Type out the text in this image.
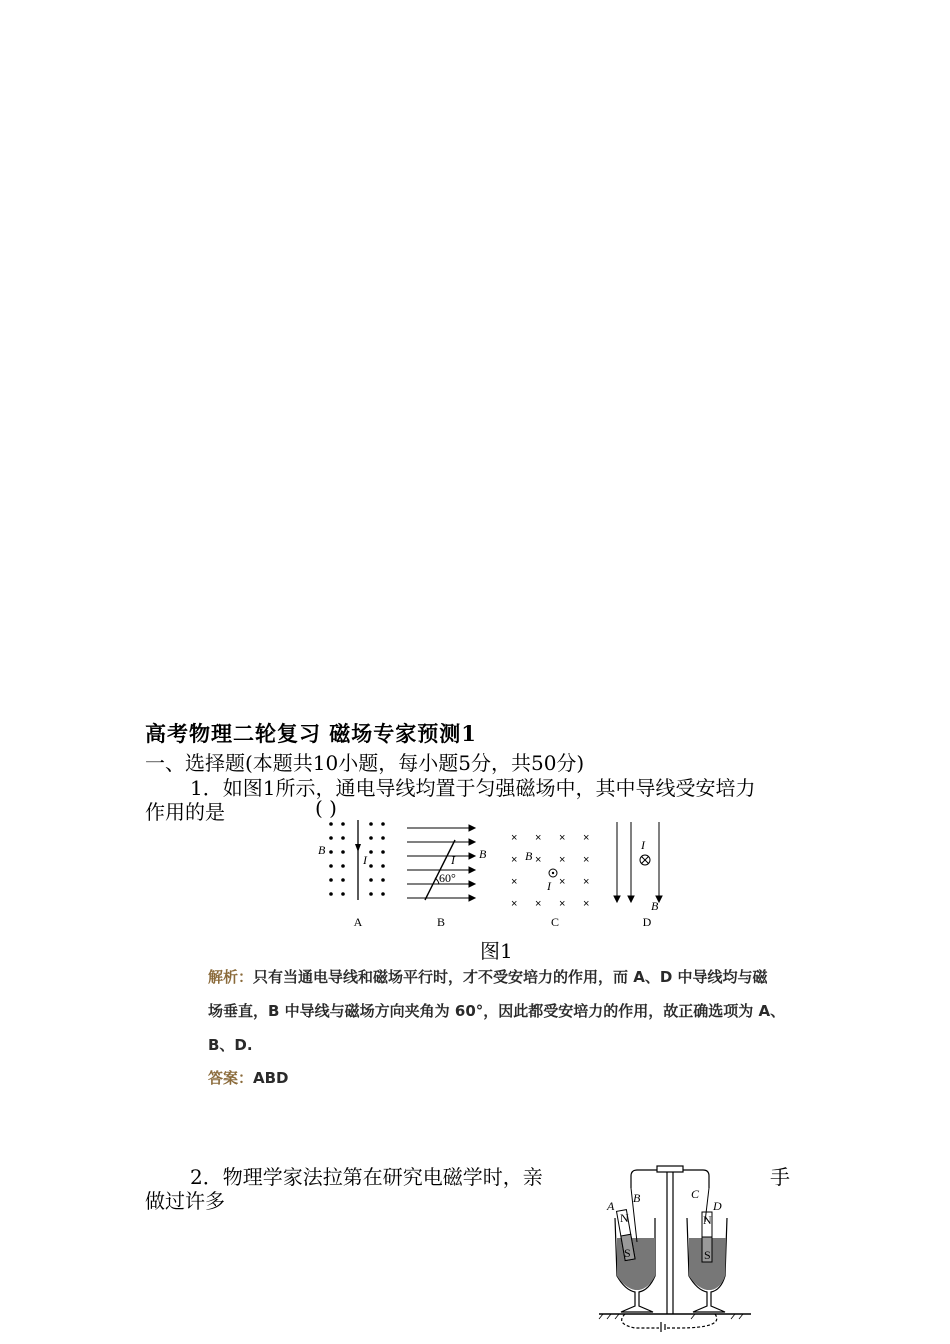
高考物理二轮复习 磁场专家预测1
一、选择题(本题共10小题，每小题5分，共50分)
1．如图1所示，通电导线均置于匀强磁场中，其中导线受安培力
作用的是	( )
B
I	B
I
60°
× × × ×
× × × ×
×	× ×
× × × ×
B
I
I
B
A	B	C	D
图1
解析：只有当通电导线和磁场平行时，才不受安培力的作用，而 A、D 中导线均与磁
场垂直，B 中导线与磁场方向夹角为 60°，因此都受安培力的作用，故正确选项为 A、
B、D.
答案：ABD
2．物理学家法拉第在研究电磁学时，亲	手
做过许多	A
B	C
D
N
S
N
S
